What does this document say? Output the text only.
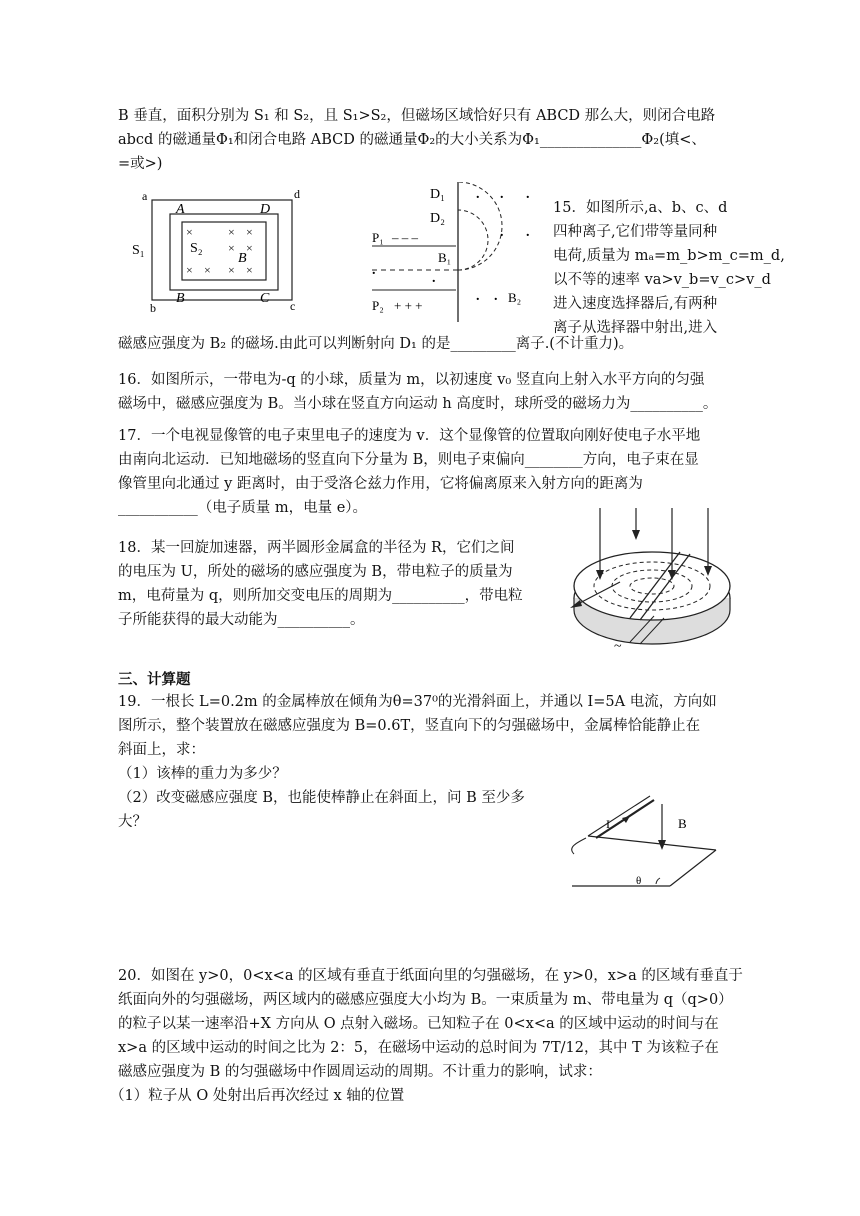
B 垂直，面积分别为 S₁ 和 S₂，且 S₁>S₂，但磁场区域恰好只有 ABCD 那么大，则闭合电路
abcd 的磁通量Φ₁和闭合电路 ABCD 的磁通量Φ₂的大小关系为Φ₁______________Φ₂(填<、
=或>)
a	d
b	c
A	D
B	C
S₁	S₂
B
×	× ×
× ×
× × × ×
D₁
D₂
P₁ – – –
B₁
P₂ + + +
B₂
. . .
. .
. .
.
.
15．如图所示,a、b、c、d
四种离子,它们带等量同种
电荷,质量为 mₐ=m_b>m_c=m_d,
以不等的速率 va>v_b=v_c>v_d
进入速度选择器后,有两种
离子从选择器中射出,进入
磁感应强度为 B₂ 的磁场.由此可以判断射向 D₁ 的是_________离子.(不计重力)。
16．如图所示，一带电为-q 的小球，质量为 m，以初速度 v₀ 竖直向上射入水平方向的匀强
磁场中，磁感应强度为 B。当小球在竖直方向运动 h 高度时，球所受的磁场力为__________。
17．一个电视显像管的电子束里电子的速度为 v．这个显像管的位置取向刚好使电子水平地
由南向北运动．已知地磁场的竖直向下分量为 B，则电子束偏向________方向，电子束在显
像管里向北通过 y 距离时，由于受洛仑兹力作用，它将偏离原来入射方向的距离为
___________（电子质量 m，电量 e）。
18．某一回旋加速器，两半圆形金属盒的半径为 R，它们之间
的电压为 U，所处的磁场的感应强度为 B，带电粒子的质量为
m，电荷量为 q，则所加交变电压的周期为__________，带电粒
子所能获得的最大动能为__________。
~
三、计算题
19．一根长 L=0.2m 的金属棒放在倾角为θ=37⁰的光滑斜面上，并通以 I=5A 电流，方向如
图所示，整个装置放在磁感应强度为 B=0.6T，竖直向下的匀强磁场中，金属棒恰能静止在
斜面上，求：
（1）该棒的重力为多少？
（2）改变磁感应强度 B，也能使棒静止在斜面上，问 B 至少多
大？	I	B
θ
20．如图在 y>0，0<x<a 的区域有垂直于纸面向里的匀强磁场，在 y>0，x>a 的区域有垂直于
纸面向外的匀强磁场，两区域内的磁感应强度大小均为 B。一束质量为 m、带电量为 q（q>0）
的粒子以某一速率沿+X 方向从 O 点射入磁场。已知粒子在 0<x<a 的区域中运动的时间与在
x>a 的区域中运动的时间之比为 2：5，在磁场中运动的总时间为 7T/12，其中 T 为该粒子在
磁感应强度为 B 的匀强磁场中作圆周运动的周期。不计重力的影响，试求：
（1）粒子从 O 处射出后再次经过 x 轴的位置
